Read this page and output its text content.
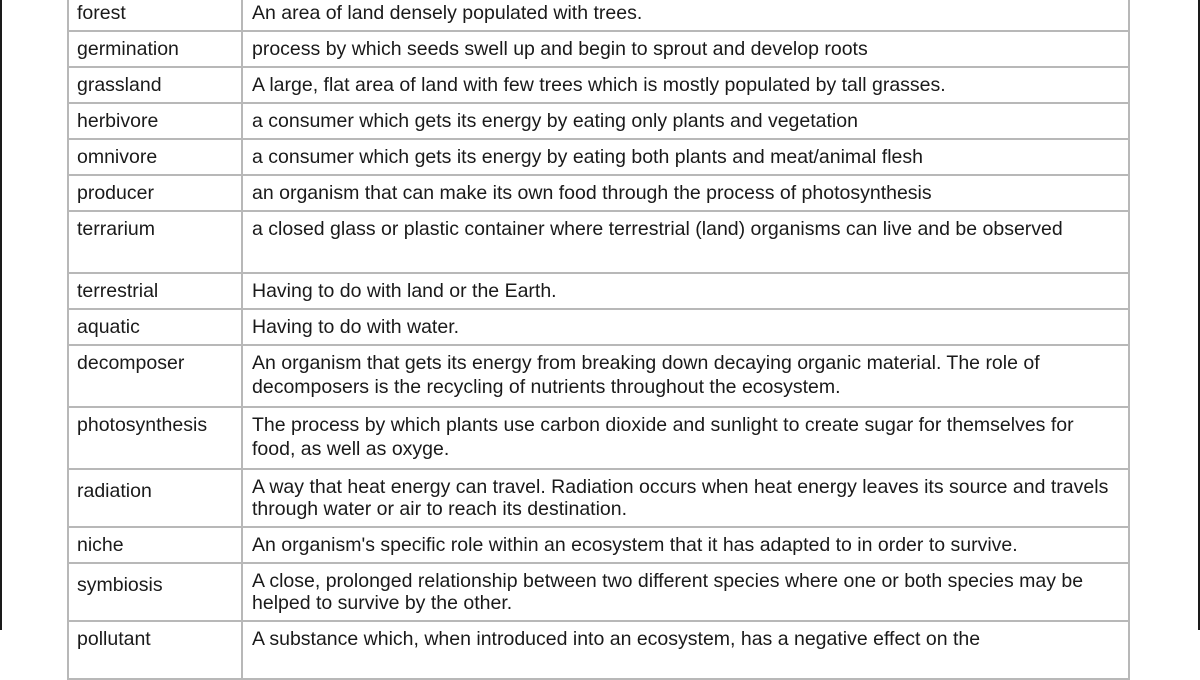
forest	An area of land densely populated with trees.
germination	process by which seeds swell up and begin to sprout and develop roots
grassland	A large, flat area of land with few trees which is mostly populated by tall grasses.
herbivore	a consumer which gets its energy by eating only plants and vegetation
omnivore	a consumer which gets its energy by eating both plants and meat/animal flesh
producer	an organism that can make its own food through the process of photosynthesis
terrarium	a closed glass or plastic container where terrestrial (land) organisms can live and be observed
terrestrial	Having to do with land or the Earth.
aquatic	Having to do with water.
decomposer	An organism that gets its energy from breaking down decaying organic material. The role of decomposers is the recycling of nutrients throughout the ecosystem.
photosynthesis	The process by which plants use carbon dioxide and sunlight to create sugar for themselves for food, as well as oxyge.
radiation	A way that heat energy can travel. Radiation occurs when heat energy leaves its source and travels through water or air to reach its destination.
niche	An organism's specific role within an ecosystem that it has adapted to in order to survive.
symbiosis	A close, prolonged relationship between two different species where one or both species may be helped to survive by the other.
pollutant	A substance which, when introduced into an ecosystem, has a negative effect on the
